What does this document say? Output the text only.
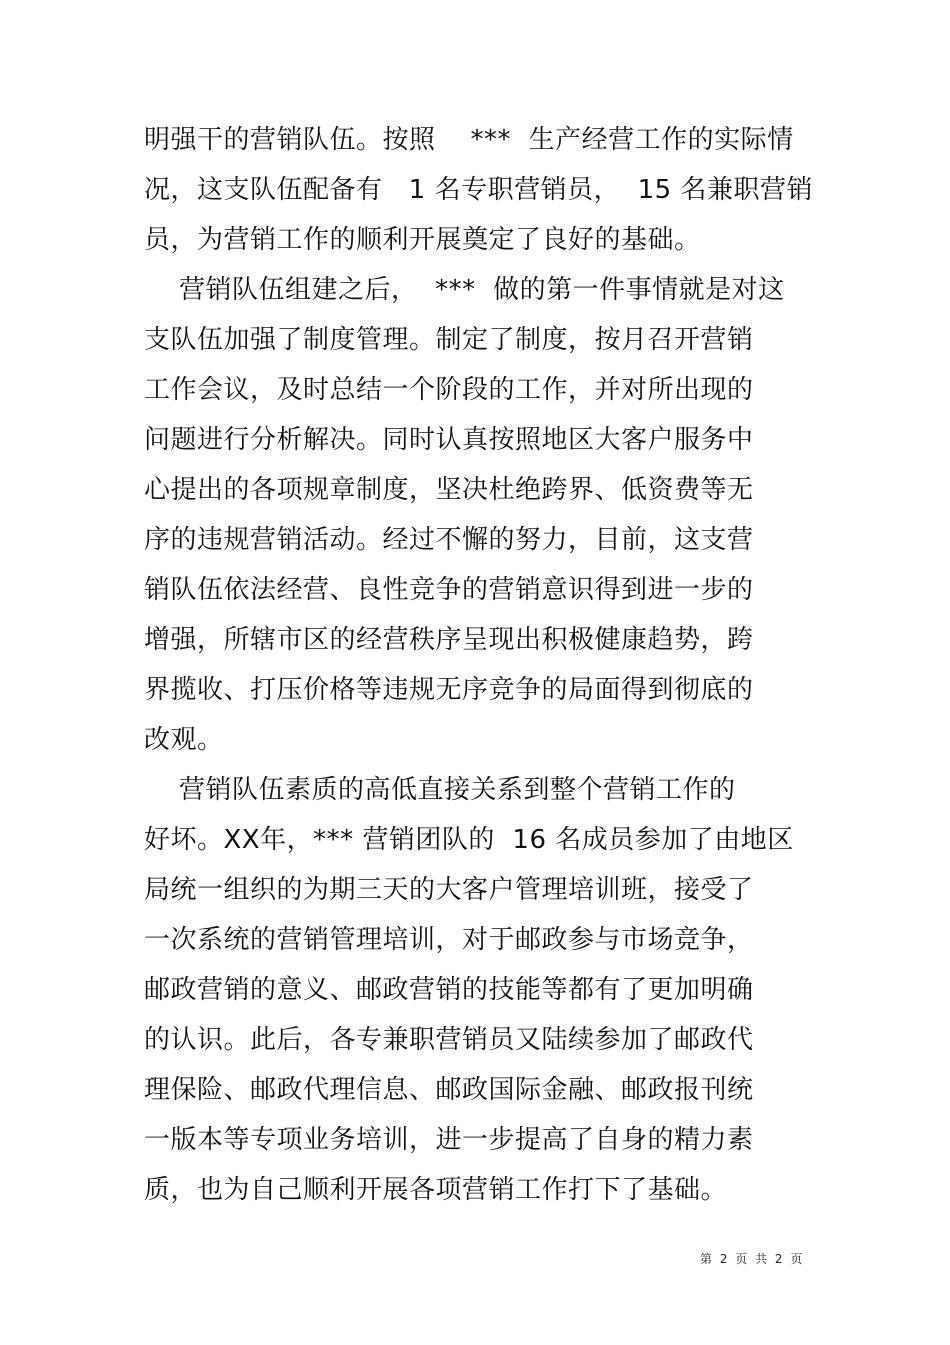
明强干的营销队伍。按照    ***  生产经营工作的实际情
况，这支队伍配备有   1 名专职营销员，  15 名兼职营销
员，为营销工作的顺利开展奠定了良好的基础。
营销队伍组建之后，  ***  做的第一件事情就是对这
支队伍加强了制度管理。制定了制度，按月召开营销
工作会议，及时总结一个阶段的工作，并对所出现的
问题进行分析解决。同时认真按照地区大客户服务中
心提出的各项规章制度，坚决杜绝跨界、低资费等无
序的违规营销活动。经过不懈的努力，目前，这支营
销队伍依法经营、良性竞争的营销意识得到进一步的
增强，所辖市区的经营秩序呈现出积极健康趋势，跨
界揽收、打压价格等违规无序竞争的局面得到彻底的
改观。
营销队伍素质的高低直接关系到整个营销工作的
好坏。XX年，*** 营销团队的  16 名成员参加了由地区
局统一组织的为期三天的大客户管理培训班，接受了
一次系统的营销管理培训，对于邮政参与市场竞争，
邮政营销的意义、邮政营销的技能等都有了更加明确
的认识。此后，各专兼职营销员又陆续参加了邮政代
理保险、邮政代理信息、邮政国际金融、邮政报刊统
一版本等专项业务培训，进一步提高了自身的精力素
质，也为自己顺利开展各项营销工作打下了基础。
第 2 页 共 2 页
